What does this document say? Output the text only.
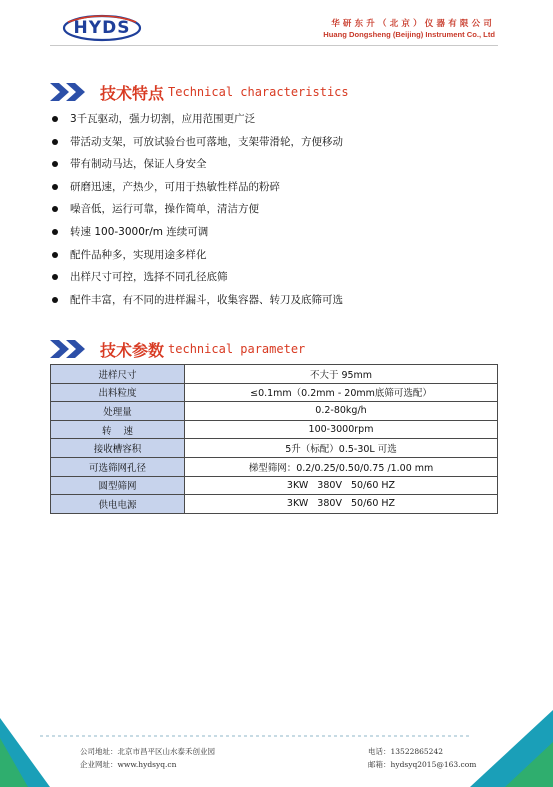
HYDS	华研东升（北京）仪器有限公司
Huang Dongsheng (Beijing) Instrument Co., Ltd
技术特点 Technical characteristics
3千瓦驱动，强力切割，应用范围更广泛
带活动支架，可放试验台也可落地，支架带滑轮，方便移动
带有制动马达，保证人身安全
研磨迅速，产热少，可用于热敏性样品的粉碎
噪音低，运行可靠，操作简单，清洁方便
转速 100-3000r/m 连续可调
配件品种多，实现用途多样化
出样尺寸可控，选择不同孔径底筛
配件丰富，有不同的进样漏斗，收集容器、转刀及底筛可选
技术参数 technical parameter
进样尺寸	不大于 95mm
出料粒度	≤0.1mm（0.2mm - 20mm底筛可选配）
处理量	0.2-80kg/h
转    速	100-3000rpm
接收槽容积	5升（标配）0.5-30L 可选
可选筛网孔径	梯型筛网：0.2/0.25/0.50/0.75 /1.00 mm
圆型筛网	3KW   380V   50/60 HZ
供电电源	3KW   380V   50/60 HZ
公司地址：北京市昌平区山水泰禾创业园
企业网址：www.hydsyq.cn
电话：13522865242
邮箱：hydsyq2015@163.com
